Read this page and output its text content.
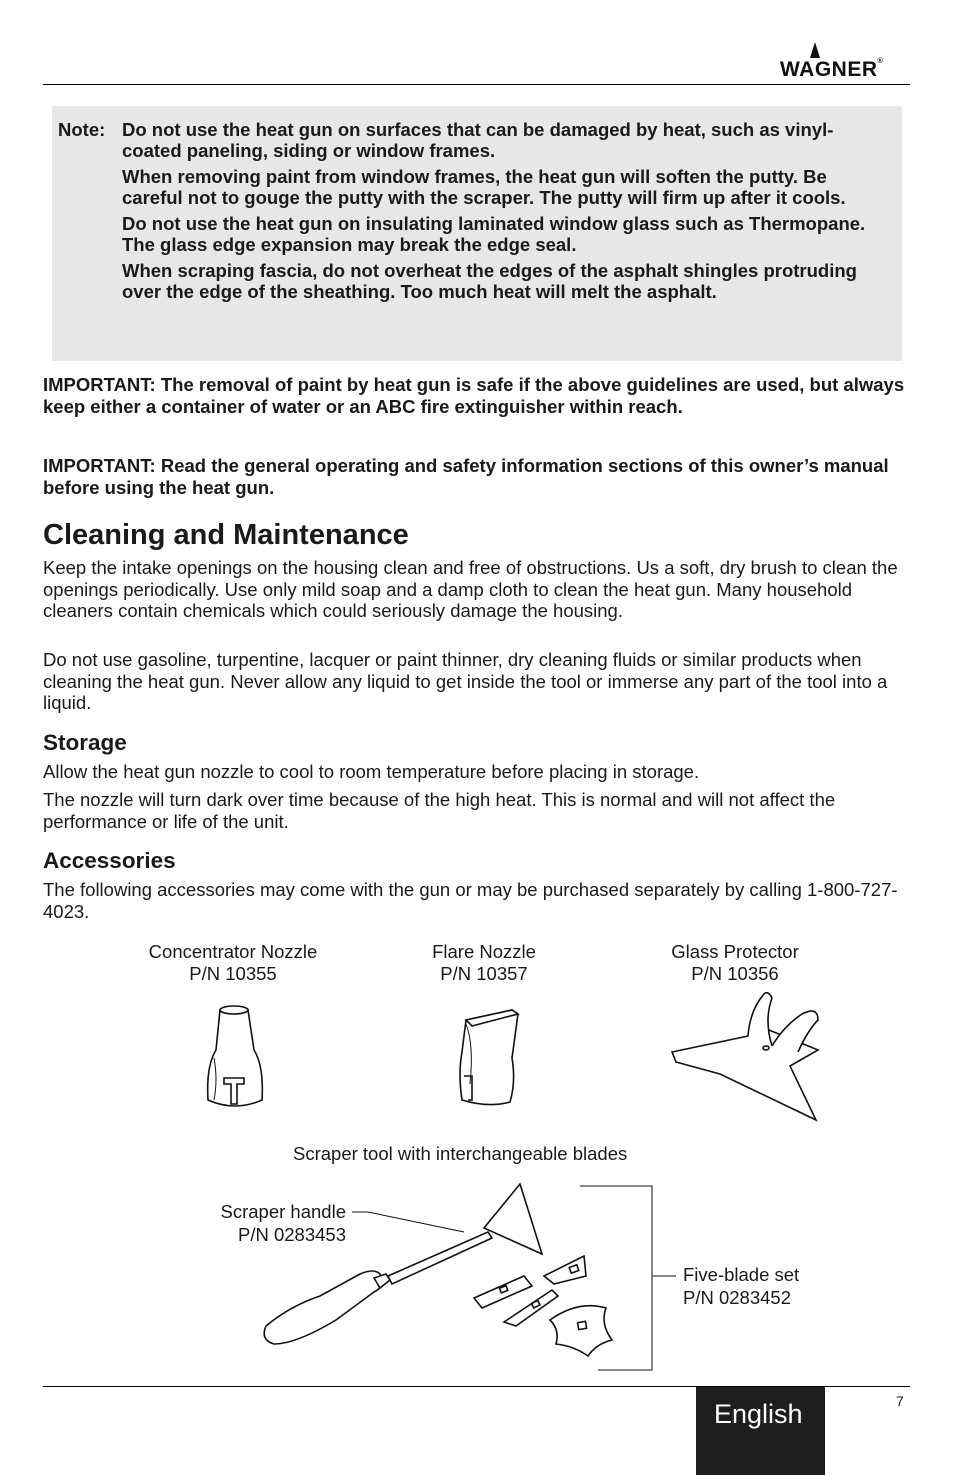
WAGNER®
Note: Do not use the heat gun on surfaces that can be damaged by heat, such as vinyl-coated paneling, siding or window frames.

When removing paint from window frames, the heat gun will soften the putty. Be careful not to gouge the putty with the scraper. The putty will firm up after it cools.

Do not use the heat gun on insulating laminated window glass such as Thermopane. The glass edge expansion may break the edge seal.

When scraping fascia, do not overheat the edges of the asphalt shingles protruding over the edge of the sheathing. Too much heat will melt the asphalt.

IMPORTANT: The removal of paint by heat gun is safe if the above guidelines are used, but always keep either a container of water or an ABC fire extinguisher within reach.

IMPORTANT: Read the general operating and safety information sections of this owner’s manual before using the heat gun.

Cleaning and Maintenance

Keep the intake openings on the housing clean and free of obstructions. Us a soft, dry brush to clean the openings periodically. Use only mild soap and a damp cloth to clean the heat gun. Many household cleaners contain chemicals which could seriously damage the housing.

Do not use gasoline, turpentine, lacquer or paint thinner, dry cleaning fluids or similar products when cleaning the heat gun. Never allow any liquid to get inside the tool or immerse any part of the tool into a liquid.

Storage

Allow the heat gun nozzle to cool to room temperature before placing in storage.

The nozzle will turn dark over time because of the high heat. This is normal and will not affect the performance or life of the unit.

Accessories

The following accessories may come with the gun or may be purchased separately by calling 1-800-727-4023.

Concentrator Nozzle
P/N 10355
Flare Nozzle
P/N 10357
Glass Protector
P/N 10356
Scraper tool with interchangeable blades
Scraper handle
P/N 0283453
Five-blade set
P/N 0283452
English	7
